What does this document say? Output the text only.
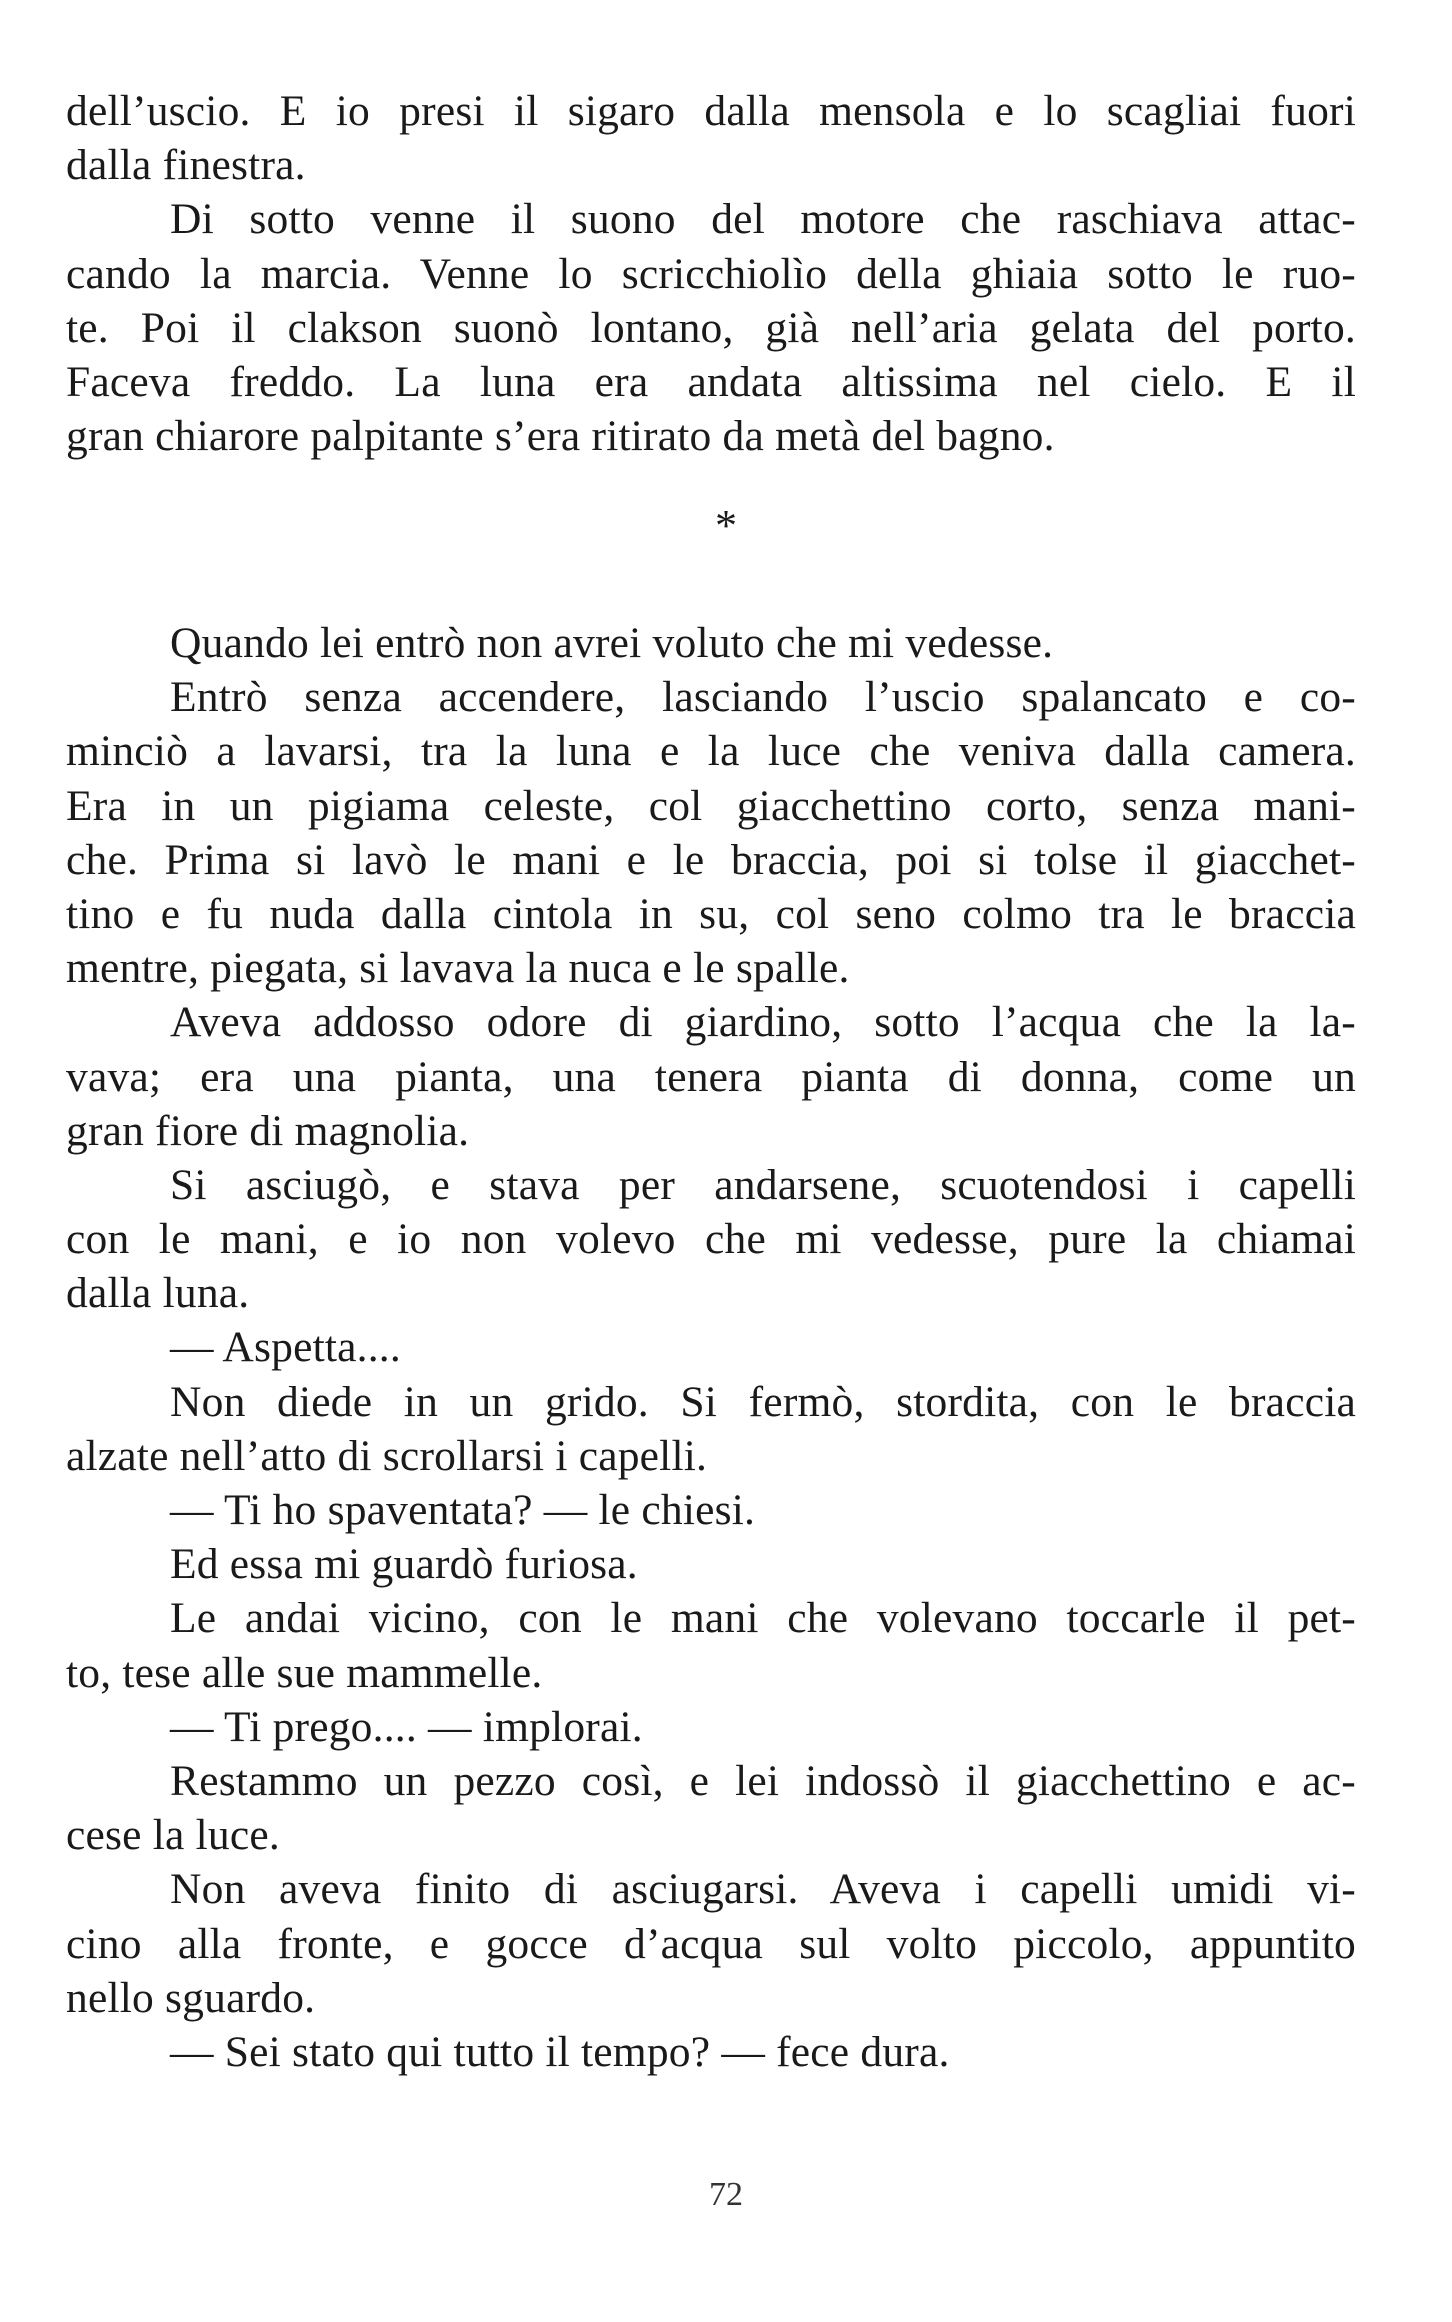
dell’uscio. E io presi il sigaro dalla mensola e lo scagliai fuori
dalla finestra.
Di sotto venne il suono del motore che raschiava attac-
cando la marcia. Venne lo scricchiolìo della ghiaia sotto le ruo-
te. Poi il clakson suonò lontano, già nell’aria gelata del porto.
Faceva freddo. La luna era andata altissima nel cielo. E il
gran chiarore palpitante s’era ritirato da metà del bagno.
*
Quando lei entrò non avrei voluto che mi vedesse.
Entrò senza accendere, lasciando l’uscio spalancato e co-
minciò a lavarsi, tra la luna e la luce che veniva dalla camera.
Era in un pigiama celeste, col giacchettino corto, senza mani-
che. Prima si lavò le mani e le braccia, poi si tolse il giacchet-
tino e fu nuda dalla cintola in su, col seno colmo tra le braccia
mentre, piegata, si lavava la nuca e le spalle.
Aveva addosso odore di giardino, sotto l’acqua che la la-
vava; era una pianta, una tenera pianta di donna, come un
gran fiore di magnolia.
Si asciugò, e stava per andarsene, scuotendosi i capelli
con le mani, e io non volevo che mi vedesse, pure la chiamai
dalla luna.
— Aspetta....
Non diede in un grido. Si fermò, stordita, con le braccia
alzate nell’atto di scrollarsi i capelli.
— Ti ho spaventata? — le chiesi.
Ed essa mi guardò furiosa.
Le andai vicino, con le mani che volevano toccarle il pet-
to, tese alle sue mammelle.
— Ti prego.... — implorai.
Restammo un pezzo così, e lei indossò il giacchettino e ac-
cese la luce.
Non aveva finito di asciugarsi. Aveva i capelli umidi vi-
cino alla fronte, e gocce d’acqua sul volto piccolo, appuntito
nello sguardo.
— Sei stato qui tutto il tempo? — fece dura.
72
